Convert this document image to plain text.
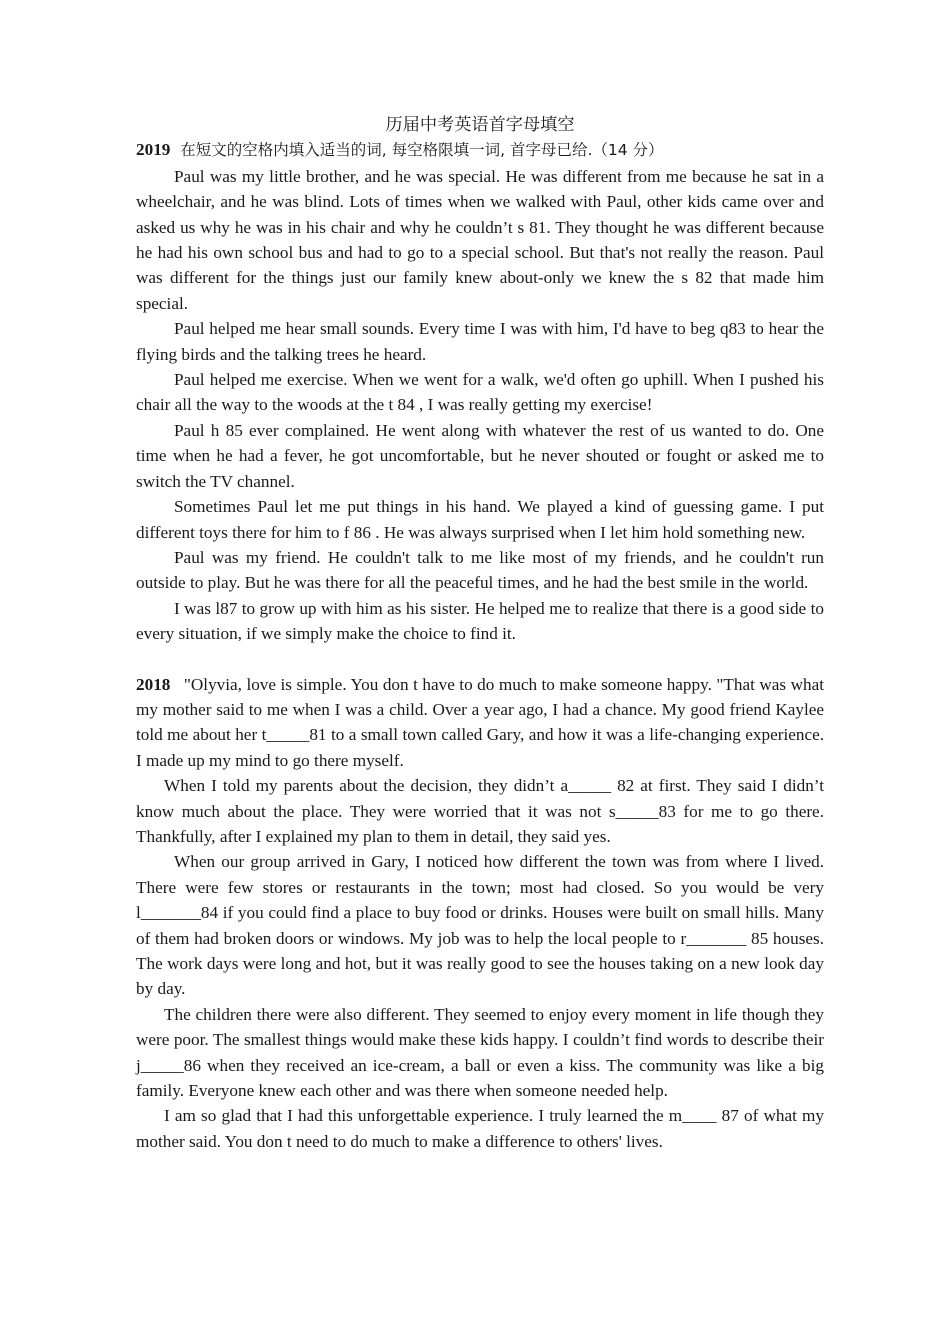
历届中考英语首字母填空

2019 在短文的空格内填入适当的词, 每空格限填一词, 首字母已给.（14 分）

Paul was my little brother, and he was special. He was different from me because he sat in a wheelchair, and he was blind. Lots of times when we walked with Paul, other kids came over and asked us why he was in his chair and why he couldn’t s 81. They thought he was different because he had his own school bus and had to go to a special school. But that's not really the reason. Paul was different for the things just our family knew about-only we knew the s 82 that made him special.

Paul helped me hear small sounds. Every time I was with him, I'd have to beg q83 to hear the flying birds and the talking trees he heard.

Paul helped me exercise. When we went for a walk, we'd often go uphill. When I pushed his chair all the way to the woods at the t 84 , I was really getting my exercise!

Paul h 85 ever complained. He went along with whatever the rest of us wanted to do. One time when he had a fever, he got uncomfortable, but he never shouted or fought or asked me to switch the TV channel.

Sometimes Paul let me put things in his hand. We played a kind of guessing game. I put different toys there for him to f 86 . He was always surprised when I let him hold something new.

Paul was my friend. He couldn't talk to me like most of my friends, and he couldn't run outside to play. But he was there for all the peaceful times, and he had the best smile in the world.

I was l87 to grow up with him as his sister. He helped me to realize that there is a good side to every situation, if we simply make the choice to find it.

2018 "Olyvia, love is simple. You don t have to do much to make someone happy. "That was what my mother said to me when I was a child. Over a year ago, I had a chance. My good friend Kaylee told me about her t_____81 to a small town called Gary, and how it was a life-changing experience. I made up my mind to go there myself.

When I told my parents about the decision, they didn’t a_____ 82 at first. They said I didn’t know much about the place. They were worried that it was not s_____83 for me to go there. Thankfully, after I explained my plan to them in detail, they said yes.

When our group arrived in Gary, I noticed how different the town was from where I lived. There were few stores or restaurants in the town; most had closed. So you would be very l_______84 if you could find a place to buy food or drinks. Houses were built on small hills. Many of them had broken doors or windows. My job was to help the local people to r_______ 85 houses. The work days were long and hot, but it was really good to see the houses taking on a new look day by day.

The children there were also different. They seemed to enjoy every moment in life though they were poor. The smallest things would make these kids happy. I couldn’t find words to describe their j_____86 when they received an ice-cream, a ball or even a kiss. The community was like a big family. Everyone knew each other and was there when someone needed help.

I am so glad that I had this unforgettable experience. I truly learned the m____ 87 of what my mother said. You don t need to do much to make a difference to others' lives.
